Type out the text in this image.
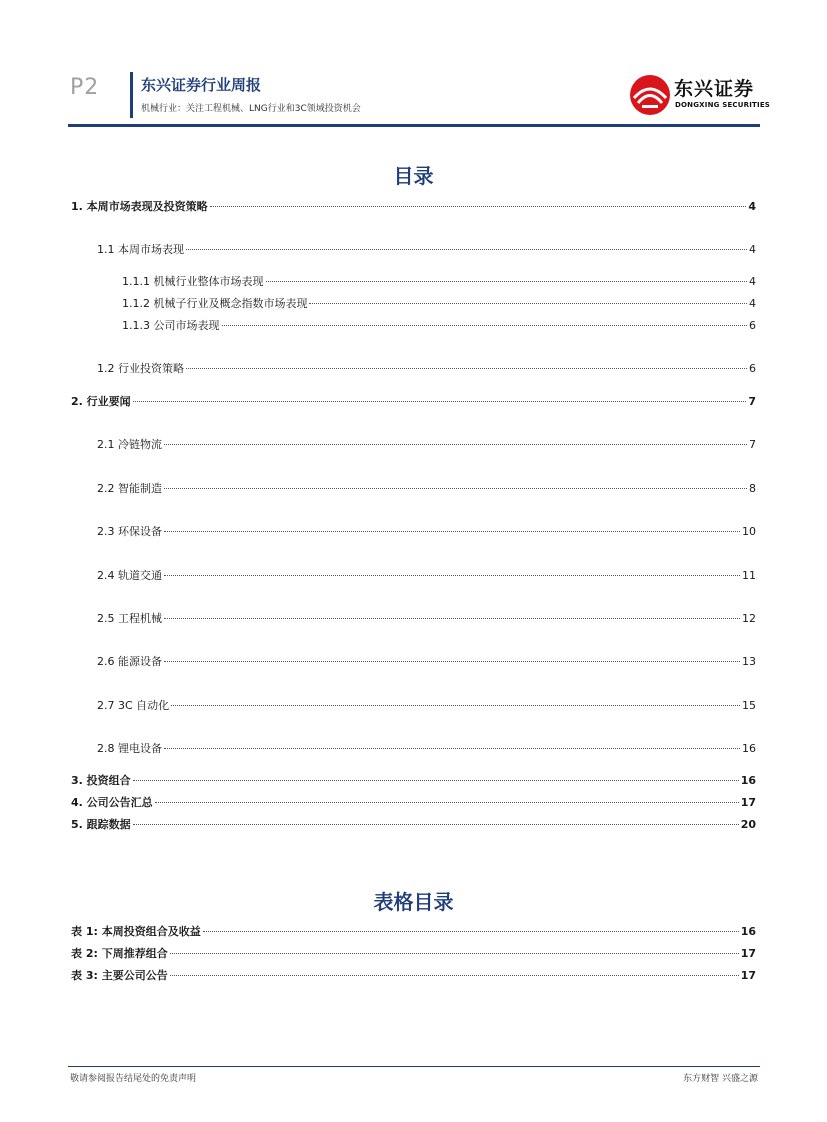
P2	东兴证券行业周报
机械行业：关注工程机械、LNG行业和3C领域投资机会
东兴证券
DONGXING SECURITIES
目录
1. 本周市场表现及投资策略	4
1.1 本周市场表现	4
1.1.1 机械行业整体市场表现	4
1.1.2 机械子行业及概念指数市场表现	4
1.1.3 公司市场表现	6
1.2 行业投资策略	6
2. 行业要闻	7
2.1 冷链物流	7
2.2 智能制造	8
2.3 环保设备	10
2.4 轨道交通	11
2.5 工程机械	12
2.6 能源设备	13
2.7 3C 自动化	15
2.8 锂电设备	16
3. 投资组合	16
4. 公司公告汇总	17
5. 跟踪数据	20
表格目录
表 1: 本周投资组合及收益	16
表 2: 下周推荐组合	17
表 3: 主要公司公告	17
敬请参阅报告结尾处的免责声明	东方财智 兴盛之源
